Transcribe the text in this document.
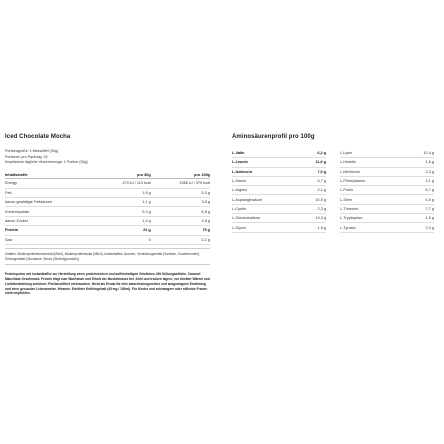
Iced Chocolate Mocha
Portionsgröße: 1 Messlöffel (30g)
Portionen pro Packung: 15
Empfohlene tägliche Verzehrmenge: 1 Portion (30g)
Inhaltsstoffe	pro 30g	pro 100g
Energy	470 kJ / 113 kcal	1566 kJ / 375 kcal
Fett	1,6 g	5,3 g
davon gesättigte Fettsäuren	1,1 g	3,6 g
Kohlenhydrate	2,0 g	6,8 g
davon Zucker	1,4 g	4,8 g
Protein	22 g	75 g
Salz	0	0,2 g
Zutaten: Molkenproteinkonzentrat (Milch), Molkenproteinisolat (Milch), Instantkaffee, Aromen, Verdickungsmittel (Xanthan, Guarkernmehl), Süßungsmittel (Sucralose, Stevia (Steviolglycoside)).
Proteinpulver mit Instantkaffee zur Herstellung eines proteinreichen und koffeinhaltigen Getränkes. Mit Süßungsmitteln. Caramel Macchiato Geschmack. Protein trägt zum Wachstum und Erhalt der Muskelmasse bei. Kühl und trocken lagern, vor direkter Wärme und Lichteinstrahlung schützen. Portionsöffnet verbrauchen. Nicht als Ersatz für eine abwechslungsreiche und ausgewogene Ernährung und einer gesunden Lebensweise. Hinweis: Erhöhter Koffeingehalt (40 mg / 100ml). Für Kinder und schwangere oder stillende Frauen nicht empfohlen.
Aminosäurenprofil pro 100g
L-Valin	6,2 g
L-Leucin	11,6 g
L-Isoleucin	7,0 g
L-Alanin	5,7 g
L-Arginin	2,1 g
L-Asparaginsäure	10,5 g
L-Cystin	2,3 g
L-Glutaminsäure	19,3 g
L-Glycin	1,6 g
L-Lysin	10,4 g
L-Histidin	1,6 g
L-Methionin	2,3 g
L-Phenylalanin	3,1 g
L-Prolin	6,7 g
L-Serin	4,9 g
L-Threonin	7,7 g
L-Tryptophan	1,9 g
L-Tyrosin	2,9 g
